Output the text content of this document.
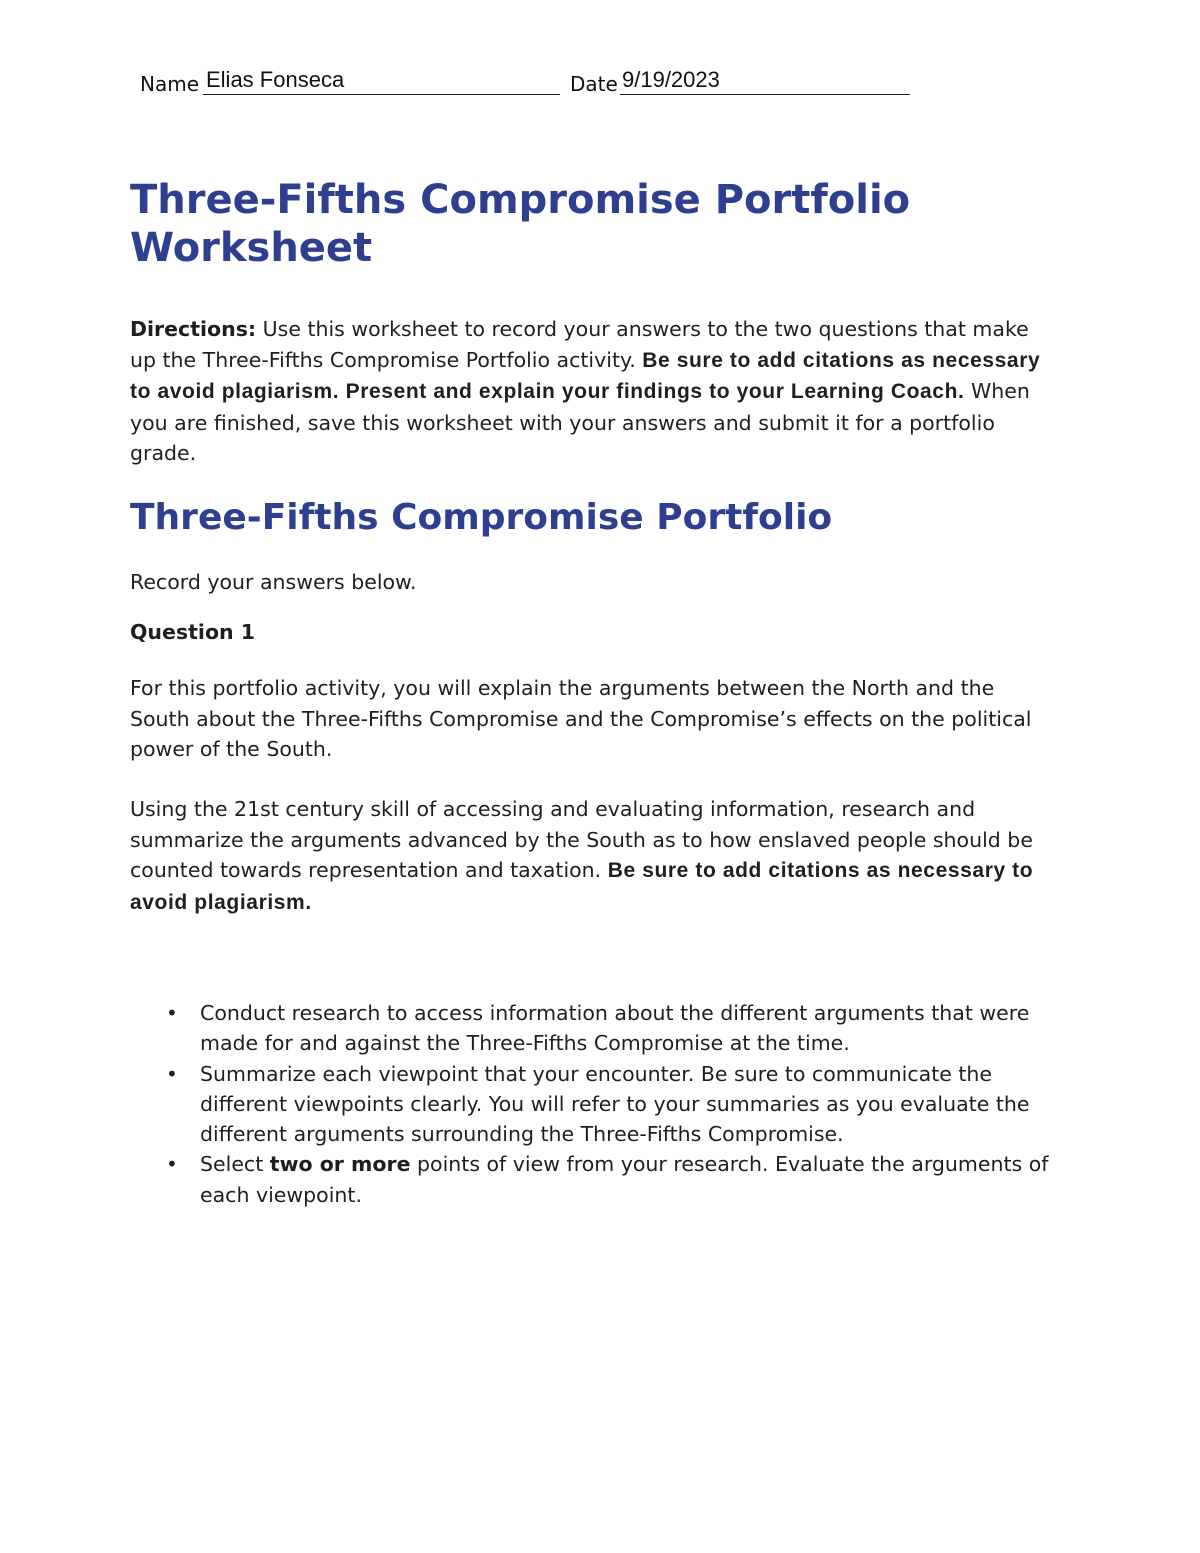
Name Elias Fonseca	Date 9/19/2023
Three-Fifths Compromise Portfolio Worksheet

Directions: Use this worksheet to record your answers to the two questions that make up the Three-Fifths Compromise Portfolio activity. Be sure to add citations as necessary to avoid plagiarism. Present and explain your findings to your Learning Coach. When you are finished, save this worksheet with your answers and submit it for a portfolio grade.

Three-Fifths Compromise Portfolio

Record your answers below.

Question 1

For this portfolio activity, you will explain the arguments between the North and the South about the Three-Fifths Compromise and the Compromise’s effects on the political power of the South.

Using the 21st century skill of accessing and evaluating information, research and summarize the arguments advanced by the South as to how enslaved people should be counted towards representation and taxation. Be sure to add citations as necessary to avoid plagiarism.

• Conduct research to access information about the different arguments that were made for and against the Three-Fifths Compromise at the time.
• Summarize each viewpoint that your encounter. Be sure to communicate the different viewpoints clearly. You will refer to your summaries as you evaluate the different arguments surrounding the Three-Fifths Compromise.
• Select two or more points of view from your research. Evaluate the arguments of each viewpoint.
